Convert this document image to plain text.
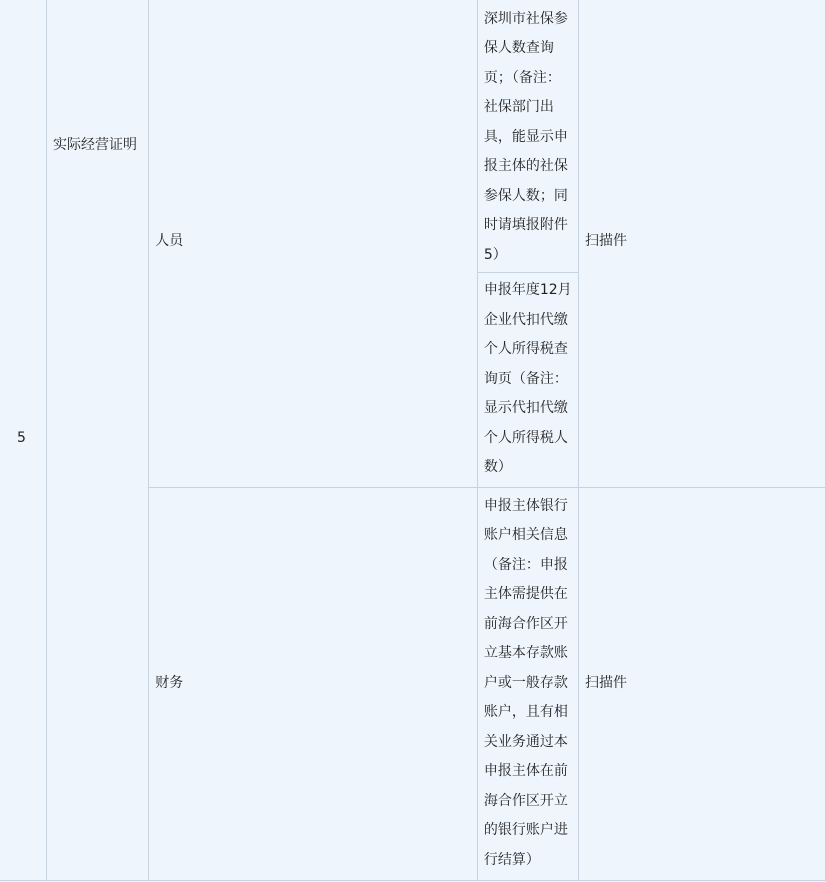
5	实际经营证明	人员	深圳市社保参保人数查询页；（备注：社保部门出具，能显示申报主体的社保参保人数；同时请填报附件5）	扫描件
			申报年度12月企业代扣代缴个人所得税查询页（备注：显示代扣代缴个人所得税人数）	
		财务	申报主体银行账户相关信息（备注：申报主体需提供在前海合作区开立基本存款账户或一般存款账户，且有相关业务通过本申报主体在前海合作区开立的银行账户进行结算）	扫描件
